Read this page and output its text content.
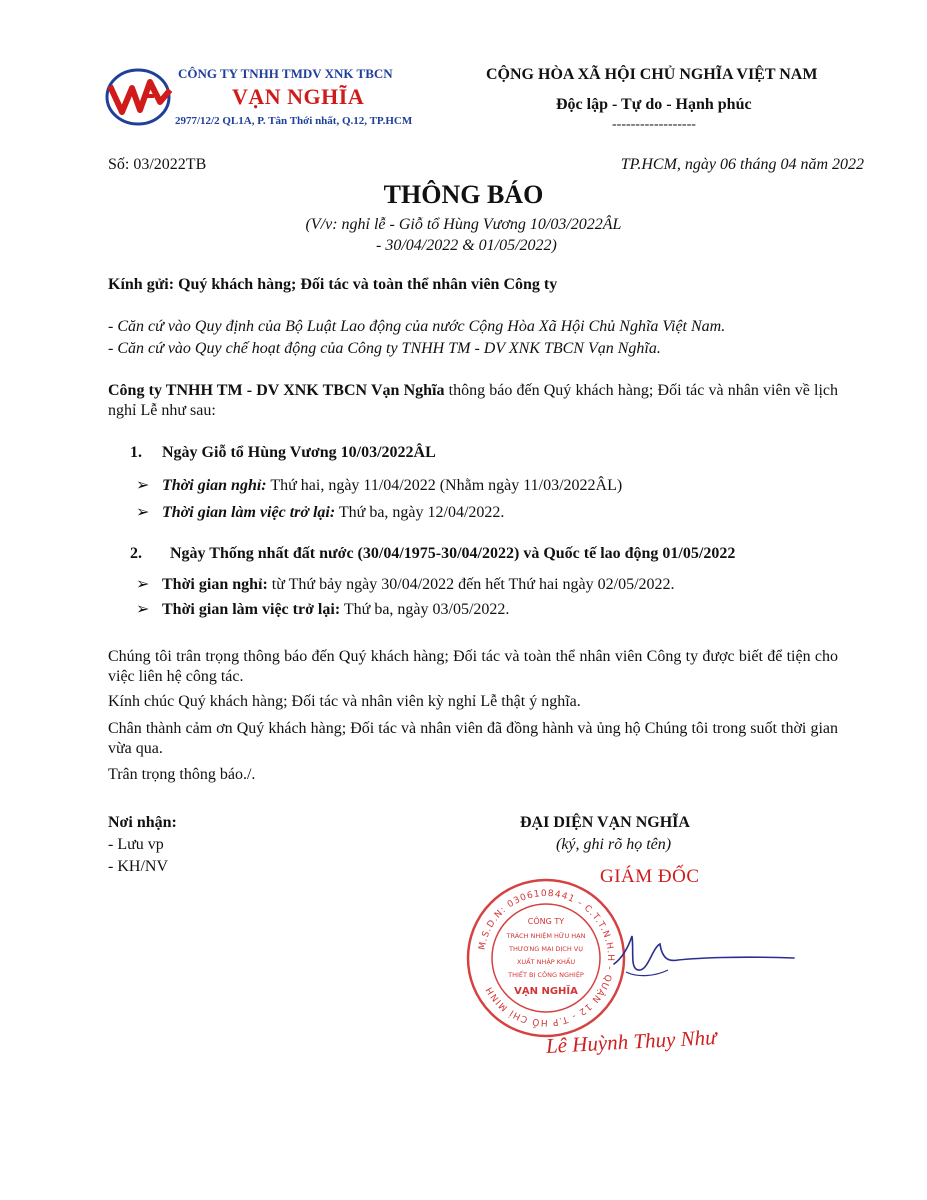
CÔNG TY TNHH TMDV XNK TBCN
VẠN NGHĨA
2977/12/2 QL1A, P. Tân Thới nhất, Q.12, TP.HCM
CỘNG HÒA XÃ HỘI CHỦ NGHĨA VIỆT NAM
Độc lập - Tự do - Hạnh phúc
------------------
Số: 03/2022TB	TP.HCM, ngày 06 tháng 04 năm 2022
THÔNG BÁO
(V/v: nghỉ lễ - Giỗ tổ Hùng Vương 10/03/2022ÂL
- 30/04/2022 & 01/05/2022)
Kính gửi: Quý khách hàng; Đối tác và toàn thể nhân viên Công ty
- Căn cứ vào Quy định của Bộ Luật Lao động của nước Cộng Hòa Xã Hội Chủ Nghĩa Việt Nam.
- Căn cứ vào Quy chế hoạt động của Công ty TNHH TM - DV XNK TBCN Vạn Nghĩa.
Công ty TNHH TM - DV XNK TBCN Vạn Nghĩa thông báo đến Quý khách hàng; Đối tác và nhân viên về lịch nghỉ Lễ như sau:
1. Ngày Giỗ tổ Hùng Vương 10/03/2022ÂL
➢ Thời gian nghỉ: Thứ hai, ngày 11/04/2022 (Nhằm ngày 11/03/2022ÂL)
➢ Thời gian làm việc trở lại: Thứ ba, ngày 12/04/2022.
2. Ngày Thống nhất đất nước (30/04/1975-30/04/2022) và Quốc tế lao động 01/05/2022
➢ Thời gian nghỉ: từ Thứ bảy ngày 30/04/2022 đến hết Thứ hai ngày 02/05/2022.
➢ Thời gian làm việc trở lại: Thứ ba, ngày 03/05/2022.
Chúng tôi trân trọng thông báo đến Quý khách hàng; Đối tác và toàn thể nhân viên Công ty được biết để tiện cho việc liên hệ công tác.
Kính chúc Quý khách hàng; Đối tác và nhân viên kỳ nghỉ Lễ thật ý nghĩa.
Chân thành cảm ơn Quý khách hàng; Đối tác và nhân viên đã đồng hành và ủng hộ Chúng tôi trong suốt thời gian vừa qua.
Trân trọng thông báo./.
Nơi nhận:
- Lưu vp
- KH/NV
ĐẠI DIỆN VẠN NGHĨA
(ký, ghi rõ họ tên)
M.S.D.N: 0306108441 - C.T.T.N.H.H - QUẬN 12 - T.P HỒ CHÍ MINH
CÔNG TY
TRÁCH NHIỆM HỮU HẠN
THƯƠNG MẠI DỊCH VỤ
XUẤT NHẬP KHẨU
THIẾT BỊ CÔNG NGHIỆP
VẠN NGHĨA
GIÁM ĐỐC
Lê Huỳnh Thuy Như
